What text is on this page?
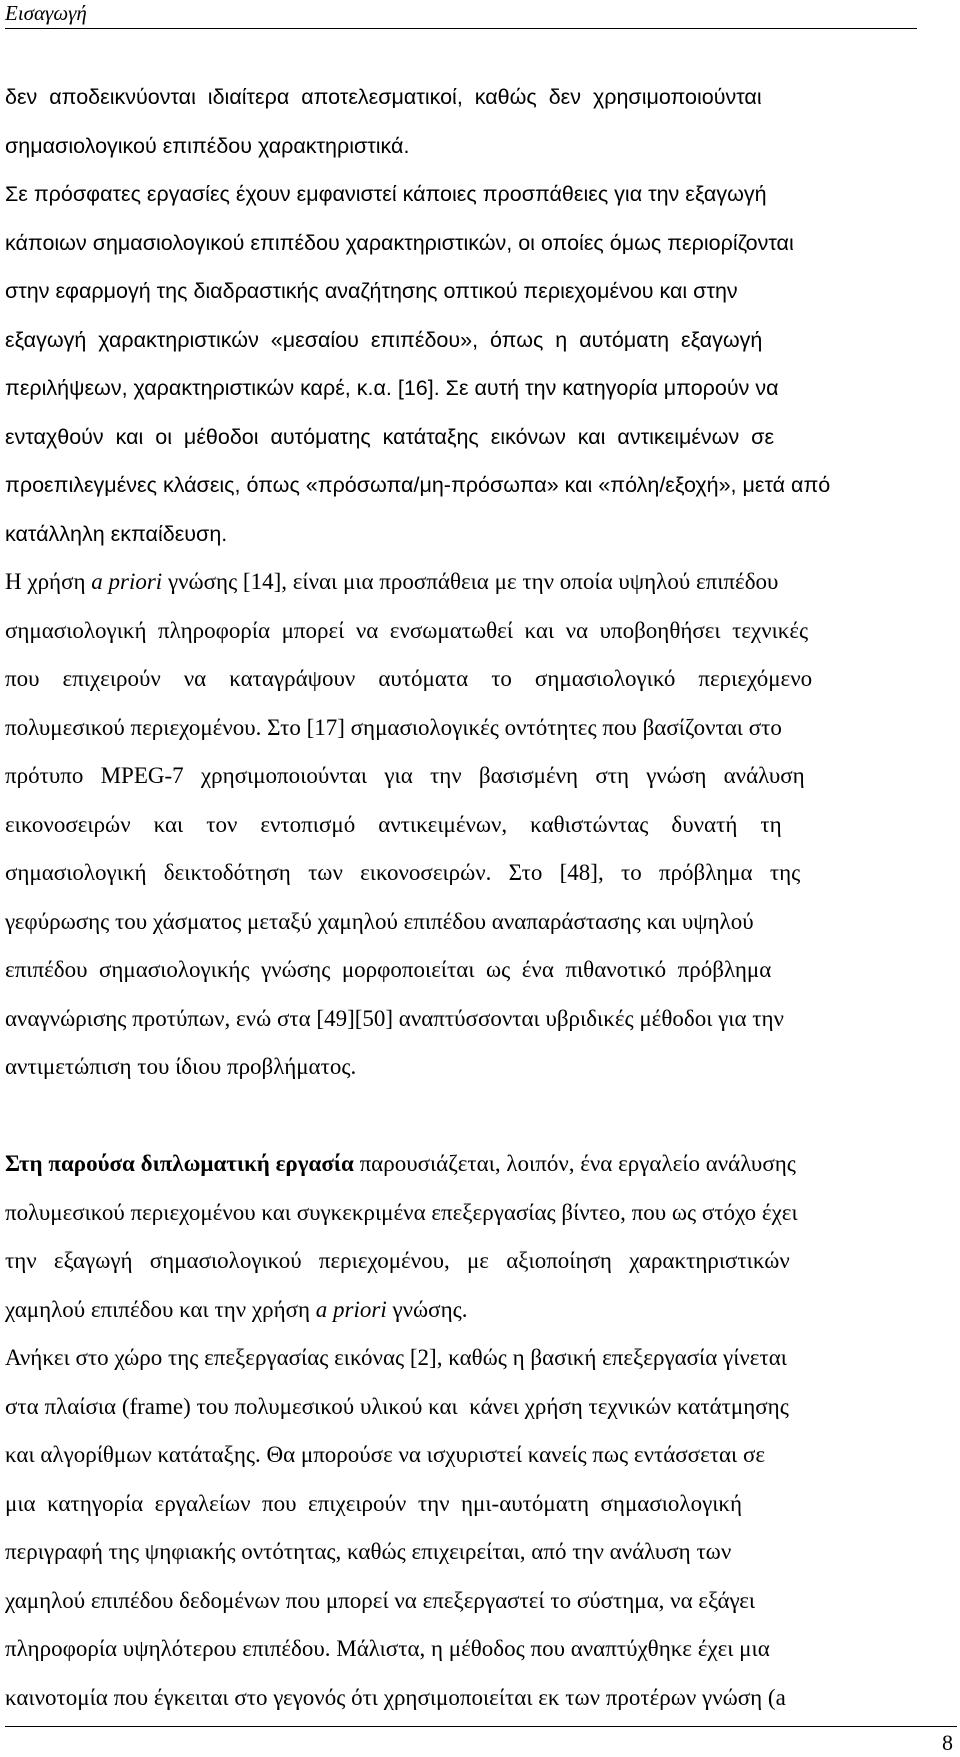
Εισαγωγή
δεν  αποδεικνύονται  ιδιαίτερα  αποτελεσματικοί,  καθώς  δεν  χρησιμοποιούνται
σημασιολογικού επιπέδου χαρακτηριστικά.
Σε πρόσφατες εργασίες έχουν εμφανιστεί κάποιες προσπάθειες για την εξαγωγή
κάποιων σημασιολογικού επιπέδου χαρακτηριστικών, οι οποίες όμως περιορίζονται
στην εφαρμογή της διαδραστικής αναζήτησης οπτικού περιεχομένου και στην
εξαγωγή  χαρακτηριστικών  «μεσαίου  επιπέδου»,  όπως  η  αυτόματη  εξαγωγή
περιλήψεων, χαρακτηριστικών καρέ, κ.α. [16]. Σε αυτή την κατηγορία μπορούν να
ενταχθούν  και  οι  μέθοδοι  αυτόματης  κατάταξης  εικόνων  και  αντικειμένων  σε
προεπιλεγμένες κλάσεις, όπως «πρόσωπα/μη-πρόσωπα» και «πόλη/εξοχή», μετά από
κατάλληλη εκπαίδευση.
Η χρήση a priori γνώσης [14], είναι μια προσπάθεια με την οποία υψηλού επιπέδου
σημασιολογική  πληροφορία  μπορεί  να  ενσωματωθεί  και  να  υποβοηθήσει  τεχνικές
που    επιχειρούν    να    καταγράψουν    αυτόματα    το    σημασιολογικό    περιεχόμενο
πολυμεσικού περιεχομένου. Στο [17] σημασιολογικές οντότητες που βασίζονται στο
πρότυπο   MPEG-7   χρησιμοποιούνται   για   την   βασισμένη   στη   γνώση   ανάλυση
εικονοσειρών    και    τον    εντοπισμό    αντικειμένων,    καθιστώντας    δυνατή    τη
σημασιολογική   δεικτοδότηση   των   εικονοσειρών.   Στο   [48],   το   πρόβλημα   της
γεφύρωσης του χάσματος μεταξύ χαμηλού επιπέδου αναπαράστασης και υψηλού
επιπέδου  σημασιολογικής  γνώσης  μορφοποιείται  ως  ένα  πιθανοτικό  πρόβλημα
αναγνώρισης προτύπων, ενώ στα [49][50] αναπτύσσονται υβριδικές μέθοδοι για την
αντιμετώπιση του ίδιου προβλήματος.
Στη παρούσα διπλωματική εργασία παρουσιάζεται, λοιπόν, ένα εργαλείο ανάλυσης
πολυμεσικού περιεχομένου και συγκεκριμένα επεξεργασίας βίντεο, που ως στόχο έχει
την   εξαγωγή   σημασιολογικού   περιεχομένου,   με   αξιοποίηση   χαρακτηριστικών
χαμηλού επιπέδου και την χρήση a priori γνώσης.
Ανήκει στο χώρο της επεξεργασίας εικόνας [2], καθώς η βασική επεξεργασία γίνεται
στα πλαίσια (frame) του πολυμεσικού υλικού και  κάνει χρήση τεχνικών κατάτμησης
και αλγορίθμων κατάταξης. Θα μπορούσε να ισχυριστεί κανείς πως εντάσσεται σε
μια  κατηγορία  εργαλείων  που  επιχειρούν  την  ημι-αυτόματη  σημασιολογική
περιγραφή της ψηφιακής οντότητας, καθώς επιχειρείται, από την ανάλυση των
χαμηλού επιπέδου δεδομένων που μπορεί να επεξεργαστεί το σύστημα, να εξάγει
πληροφορία υψηλότερου επιπέδου. Μάλιστα, η μέθοδος που αναπτύχθηκε έχει μια
καινοτομία που έγκειται στο γεγονός ότι χρησιμοποιείται εκ των προτέρων γνώση (a
8
